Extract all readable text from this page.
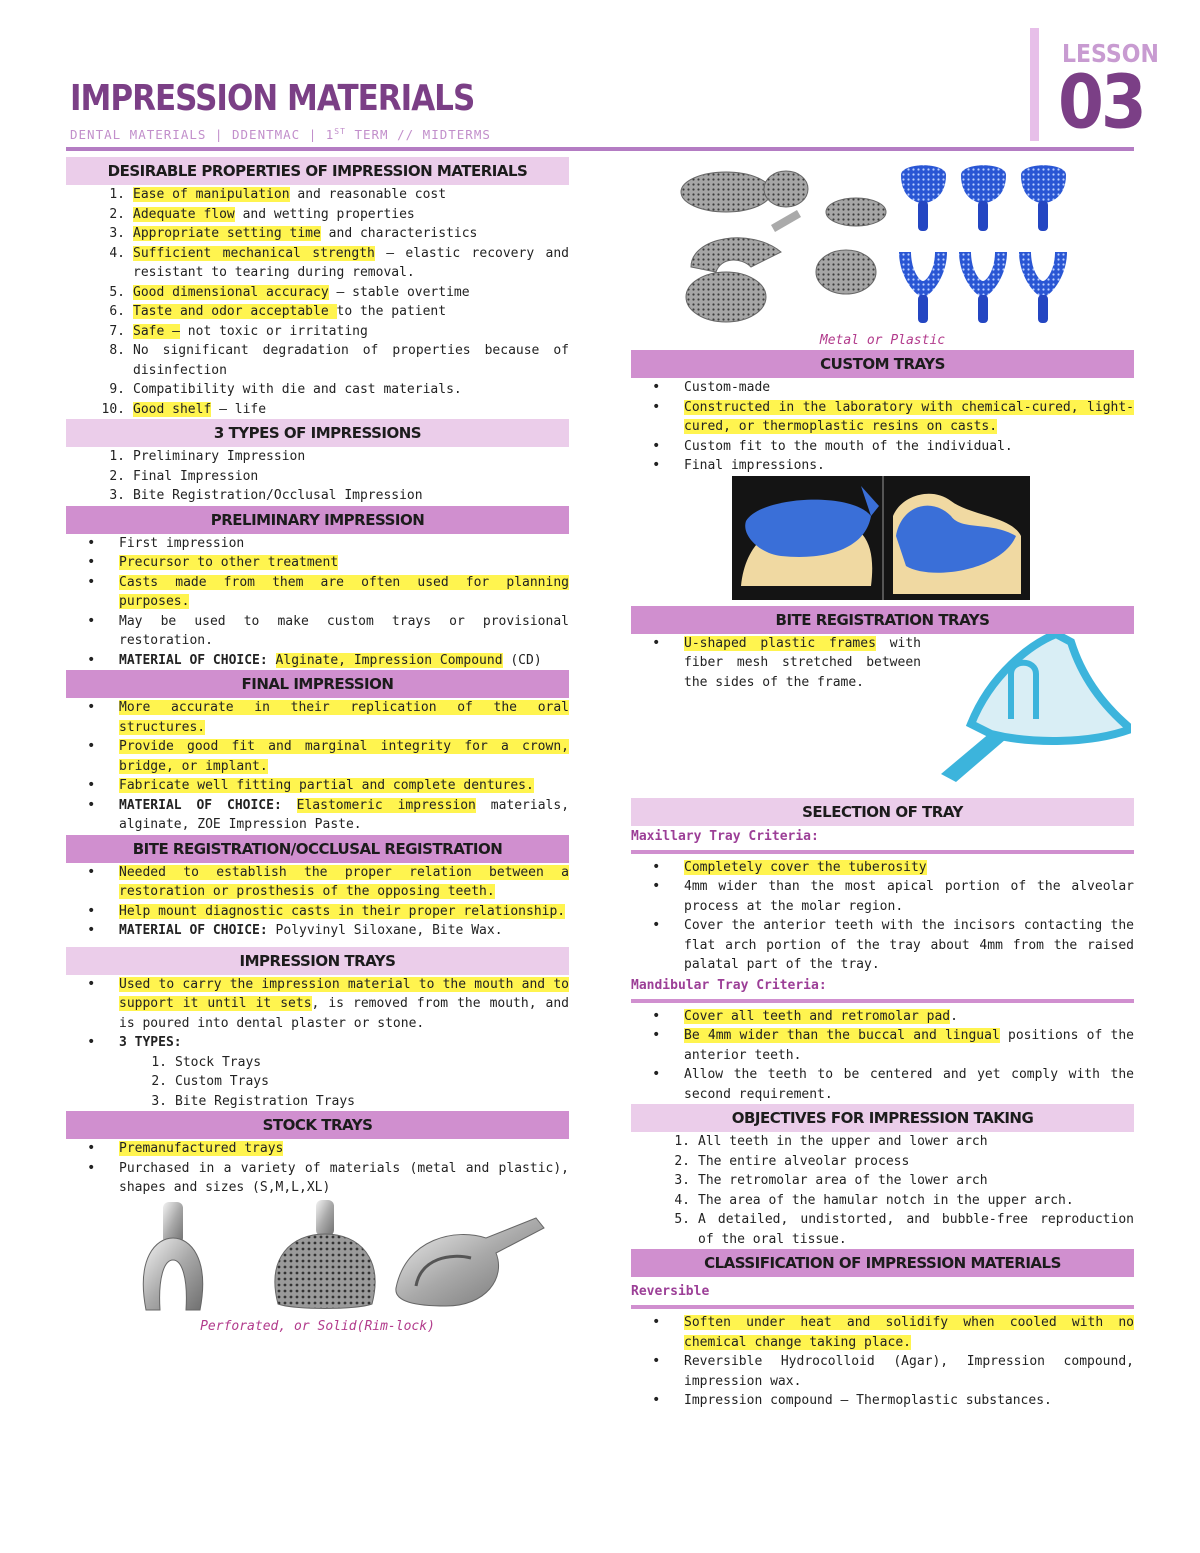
IMPRESSION MATERIALS
DENTAL MATERIALS | DDENTMAC | 1ST TERM // MIDTERMS
LESSON
03
DESIRABLE PROPERTIES OF IMPRESSION MATERIALS
1. Ease of manipulation and reasonable cost
2. Adequate flow and wetting properties
3. Appropriate setting time and characteristics
4. Sufficient mechanical strength – elastic recovery and resistant to tearing during removal.
5. Good dimensional accuracy – stable overtime
6. Taste and odor acceptable to the patient
7. Safe – not toxic or irritating
8. No significant degradation of properties because of disinfection
9. Compatibility with die and cast materials.
10. Good shelf – life
3 TYPES OF IMPRESSIONS
1. Preliminary Impression
2. Final Impression
3. Bite Registration/Occlusal Impression
PRELIMINARY IMPRESSION
• First impression
• Precursor to other treatment
• Casts made from them are often used for planning purposes.
• May be used to make custom trays or provisional restoration.
• MATERIAL OF CHOICE: Alginate, Impression Compound (CD)
FINAL IMPRESSION
• More accurate in their replication of the oral structures.
• Provide good fit and marginal integrity for a crown, bridge, or implant.
• Fabricate well fitting partial and complete dentures.
• MATERIAL OF CHOICE: Elastomeric impression materials, alginate, ZOE Impression Paste.
BITE REGISTRATION/OCCLUSAL REGISTRATION
• Needed to establish the proper relation between a restoration or prosthesis of the opposing teeth.
• Help mount diagnostic casts in their proper relationship.
• MATERIAL OF CHOICE: Polyvinyl Siloxane, Bite Wax.
IMPRESSION TRAYS
• Used to carry the impression material to the mouth and to support it until it sets, is removed from the mouth, and is poured into dental plaster or stone.
• 3 TYPES:
1. Stock Trays
2. Custom Trays
3. Bite Registration Trays
STOCK TRAYS
• Premanufactured trays
• Purchased in a variety of materials (metal and plastic), shapes and sizes (S,M,L,XL)
Perforated, or Solid(Rim-lock)
Metal or Plastic
CUSTOM TRAYS
• Custom-made
• Constructed in the laboratory with chemical-cured, light-cured, or thermoplastic resins on casts.
• Custom fit to the mouth of the individual.
• Final impressions.
BITE REGISTRATION TRAYS
• U-shaped plastic frames with fiber mesh stretched between the sides of the frame.
SELECTION OF TRAY
Maxillary Tray Criteria:
• Completely cover the tuberosity
• 4mm wider than the most apical portion of the alveolar process at the molar region.
• Cover the anterior teeth with the incisors contacting the flat arch portion of the tray about 4mm from the raised palatal part of the tray.
Mandibular Tray Criteria:
• Cover all teeth and retromolar pad.
• Be 4mm wider than the buccal and lingual positions of the anterior teeth.
• Allow the teeth to be centered and yet comply with the second requirement.
OBJECTIVES FOR IMPRESSION TAKING
1. All teeth in the upper and lower arch
2. The entire alveolar process
3. The retromolar area of the lower arch
4. The area of the hamular notch in the upper arch.
5. A detailed, undistorted, and bubble-free reproduction of the oral tissue.
CLASSIFICATION OF IMPRESSION MATERIALS
Reversible
• Soften under heat and solidify when cooled with no chemical change taking place.
• Reversible Hydrocolloid (Agar), Impression compound, impression wax.
• Impression compound – Thermoplastic substances.
